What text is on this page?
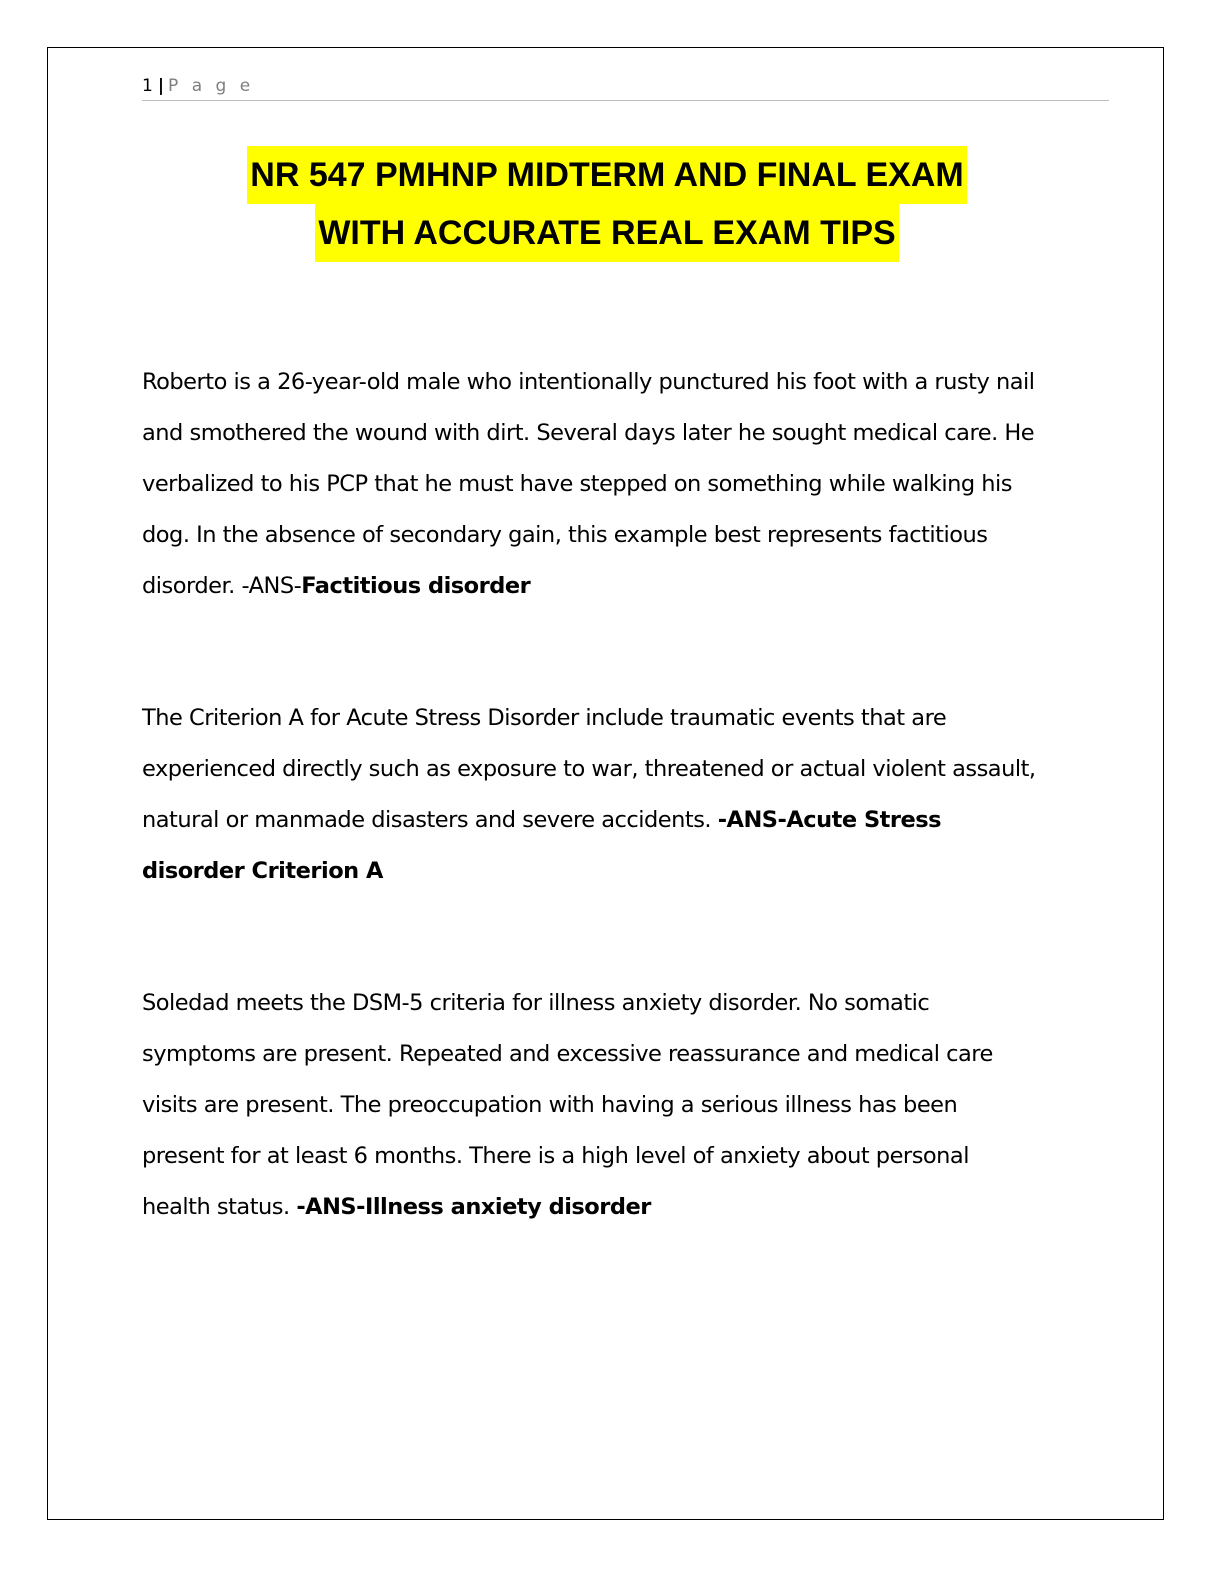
1 | P a g e
NR 547 PMHNP MIDTERM AND FINAL EXAM
WITH ACCURATE REAL EXAM TIPS
Roberto is a 26-year-old male who intentionally punctured his foot with a rusty nail and smothered the wound with dirt. Several days later he sought medical care. He verbalized to his PCP that he must have stepped on something while walking his dog. In the absence of secondary gain, this example best represents factitious disorder. -ANS-Factitious disorder
The Criterion A for Acute Stress Disorder include traumatic events that are experienced directly such as exposure to war, threatened or actual violent assault, natural or manmade disasters and severe accidents. -ANS-Acute Stress disorder Criterion A
Soledad meets the DSM-5 criteria for illness anxiety disorder. No somatic symptoms are present. Repeated and excessive reassurance and medical care visits are present. The preoccupation with having a serious illness has been present for at least 6 months. There is a high level of anxiety about personal health status. -ANS-Illness anxiety disorder
